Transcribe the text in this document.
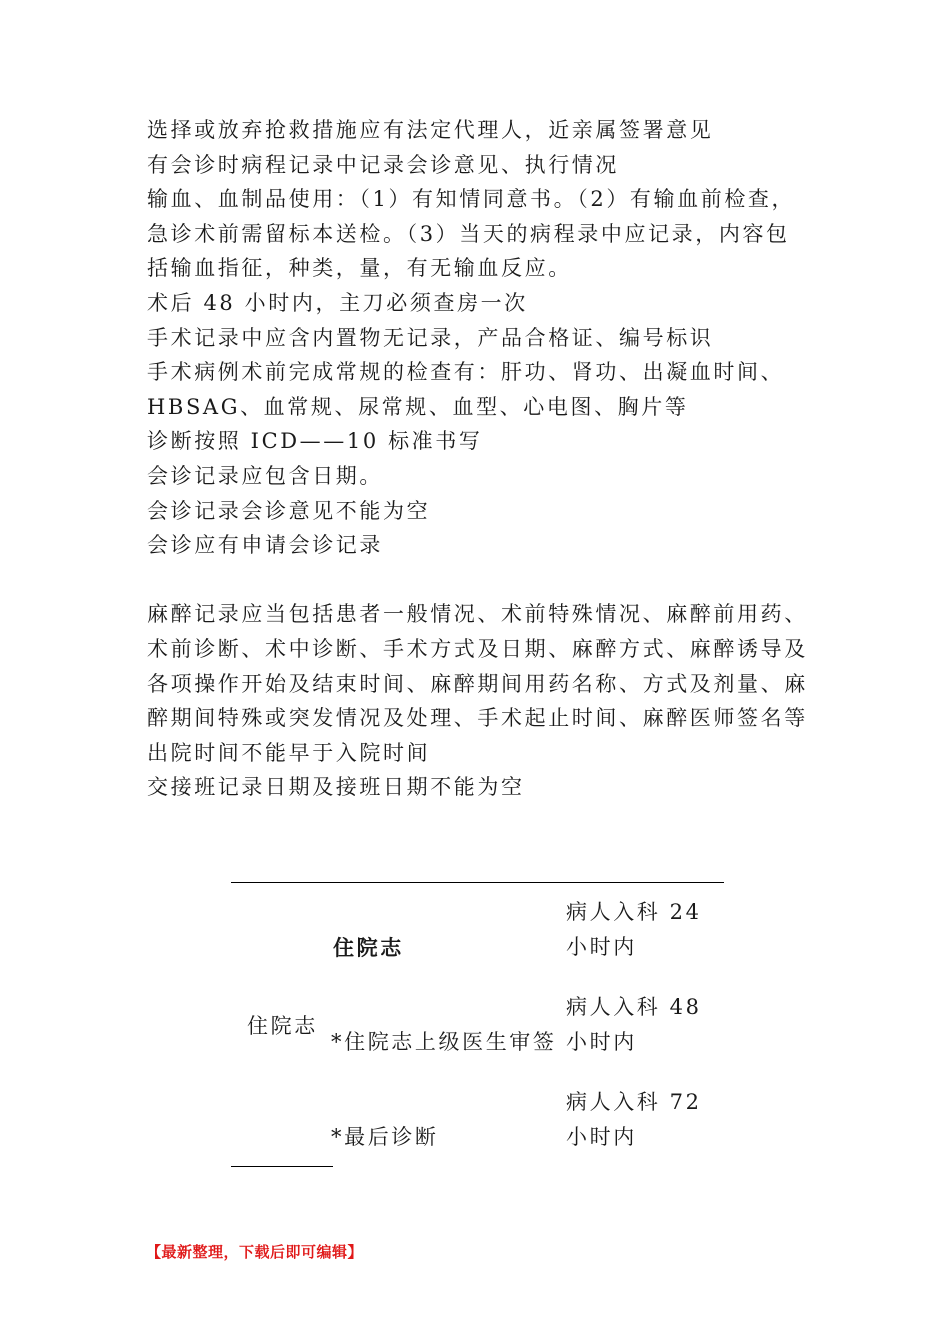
选择或放弃抢救措施应有法定代理人，近亲属签署意见
有会诊时病程记录中记录会诊意见、执行情况
输血、血制品使用：（1）有知情同意书。（2）有输血前检查，
急诊术前需留标本送检。（3）当天的病程录中应记录，内容包
括输血指征，种类，量，有无输血反应。
术后 48 小时内，主刀必须查房一次
手术记录中应含内置物无记录，产品合格证、编号标识
手术病例术前完成常规的检查有：肝功、肾功、出凝血时间、
HBSAG、血常规、尿常规、血型、心电图、胸片等
诊断按照 ICD——10 标准书写
会诊记录应包含日期。
会诊记录会诊意见不能为空
会诊应有申请会诊记录
麻醉记录应当包括患者一般情况、术前特殊情况、麻醉前用药、
术前诊断、术中诊断、手术方式及日期、麻醉方式、麻醉诱导及
各项操作开始及结束时间、麻醉期间用药名称、方式及剂量、麻
醉期间特殊或突发情况及处理、手术起止时间、麻醉医师签名等
出院时间不能早于入院时间
交接班记录日期及接班日期不能为空
住院志
住院志
病人入科 24 小时内
*住院志上级医生审签
病人入科 48 小时内
*最后诊断
病人入科 72 小时内
【最新整理，下载后即可编辑】
